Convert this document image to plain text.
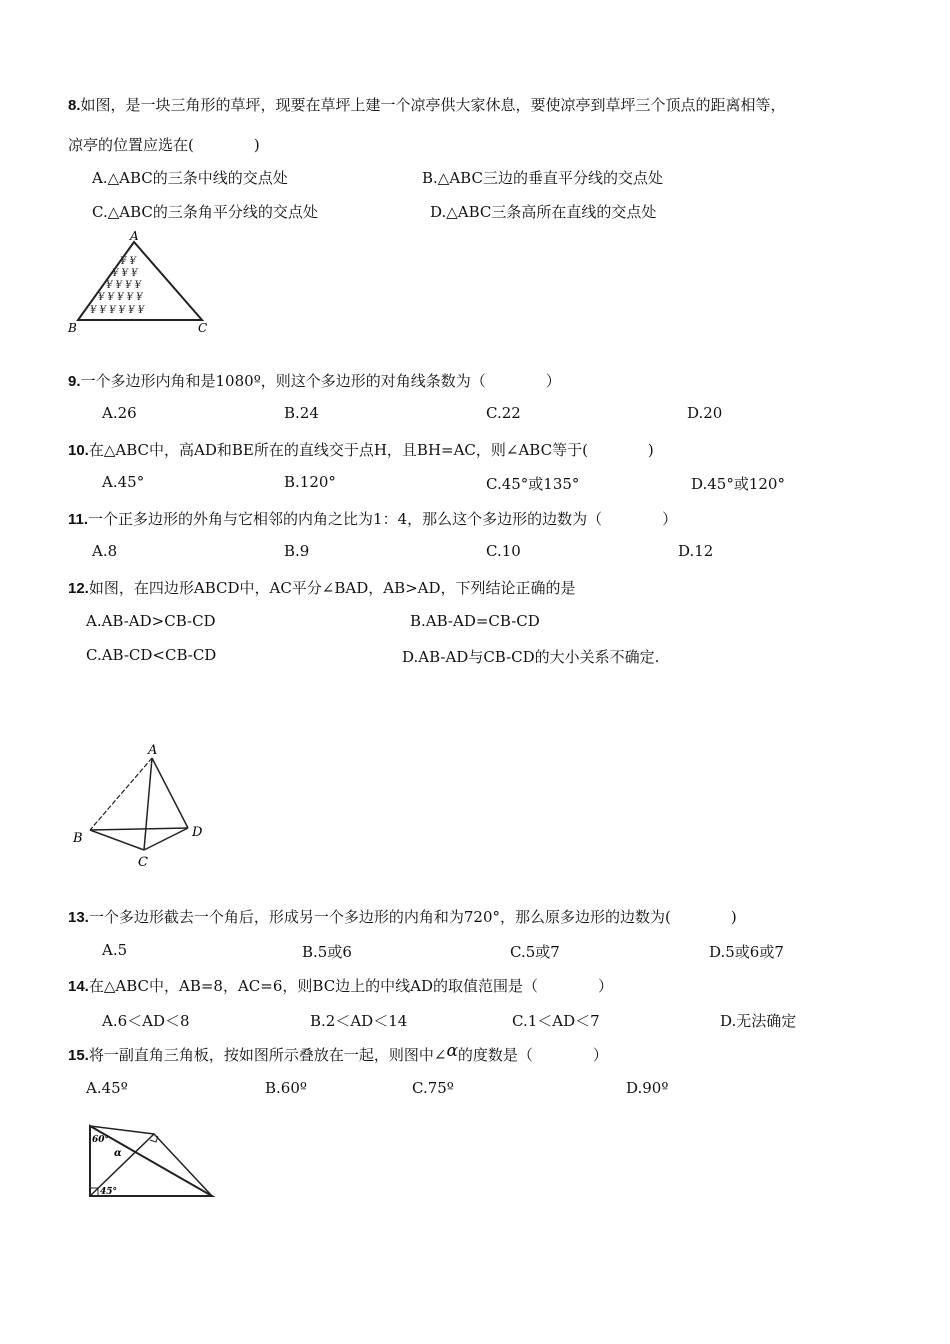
8.如图，是一块三角形的草坪，现要在草坪上建一个凉亭供大家休息，要使凉亭到草坪三个顶点的距离相等，
凉亭的位置应选在(　　　　)
A.△ABC的三条中线的交点处	B.△ABC三边的垂直平分线的交点处
C.△ABC的三条角平分线的交点处	D.△ABC三条高所在直线的交点处
¥ ¥
¥ ¥ ¥
¥ ¥ ¥ ¥
¥ ¥ ¥ ¥ ¥
¥ ¥ ¥ ¥ ¥ ¥
A
B	C
9.一个多边形内角和是1080º，则这个多边形的对角线条数为（　　　　）
A.26	B.24	C.22	D.20
10.在△ABC中，高AD和BE所在的直线交于点H，且BH=AC，则∠ABC等于(　　　　)
A.45°	B.120°	C.45°或135°	D.45°或120°
11.一个正多边形的外角与它相邻的内角之比为1：4，那么这个多边形的边数为（　　　　）
A.8	B.9	C.10	D.12
12.如图，在四边形ABCD中，AC平分∠BAD，AB>AD，下列结论正确的是
A.AB-AD>CB-CD	B.AB-AD=CB-CD
C.AB-CD<CB-CD	D.AB-AD与CB-CD的大小关系不确定.
A
B
C
D
13.一个多边形截去一个角后，形成另一个多边形的内角和为720°，那么原多边形的边数为(　　　　)
A.5	B.5或6	C.5或7	D.5或6或7
14.在△ABC中，AB=8，AC=6，则BC边上的中线AD的取值范围是（　　　　）
A.6＜AD＜8	B.2＜AD＜14	C.1＜AD＜7	D.无法确定
15.将一副直角三角板，按如图所示叠放在一起，则图中∠α的度数是（　　　　）
A.45º	B.60º	C.75º	D.90º
60°
α
45°
